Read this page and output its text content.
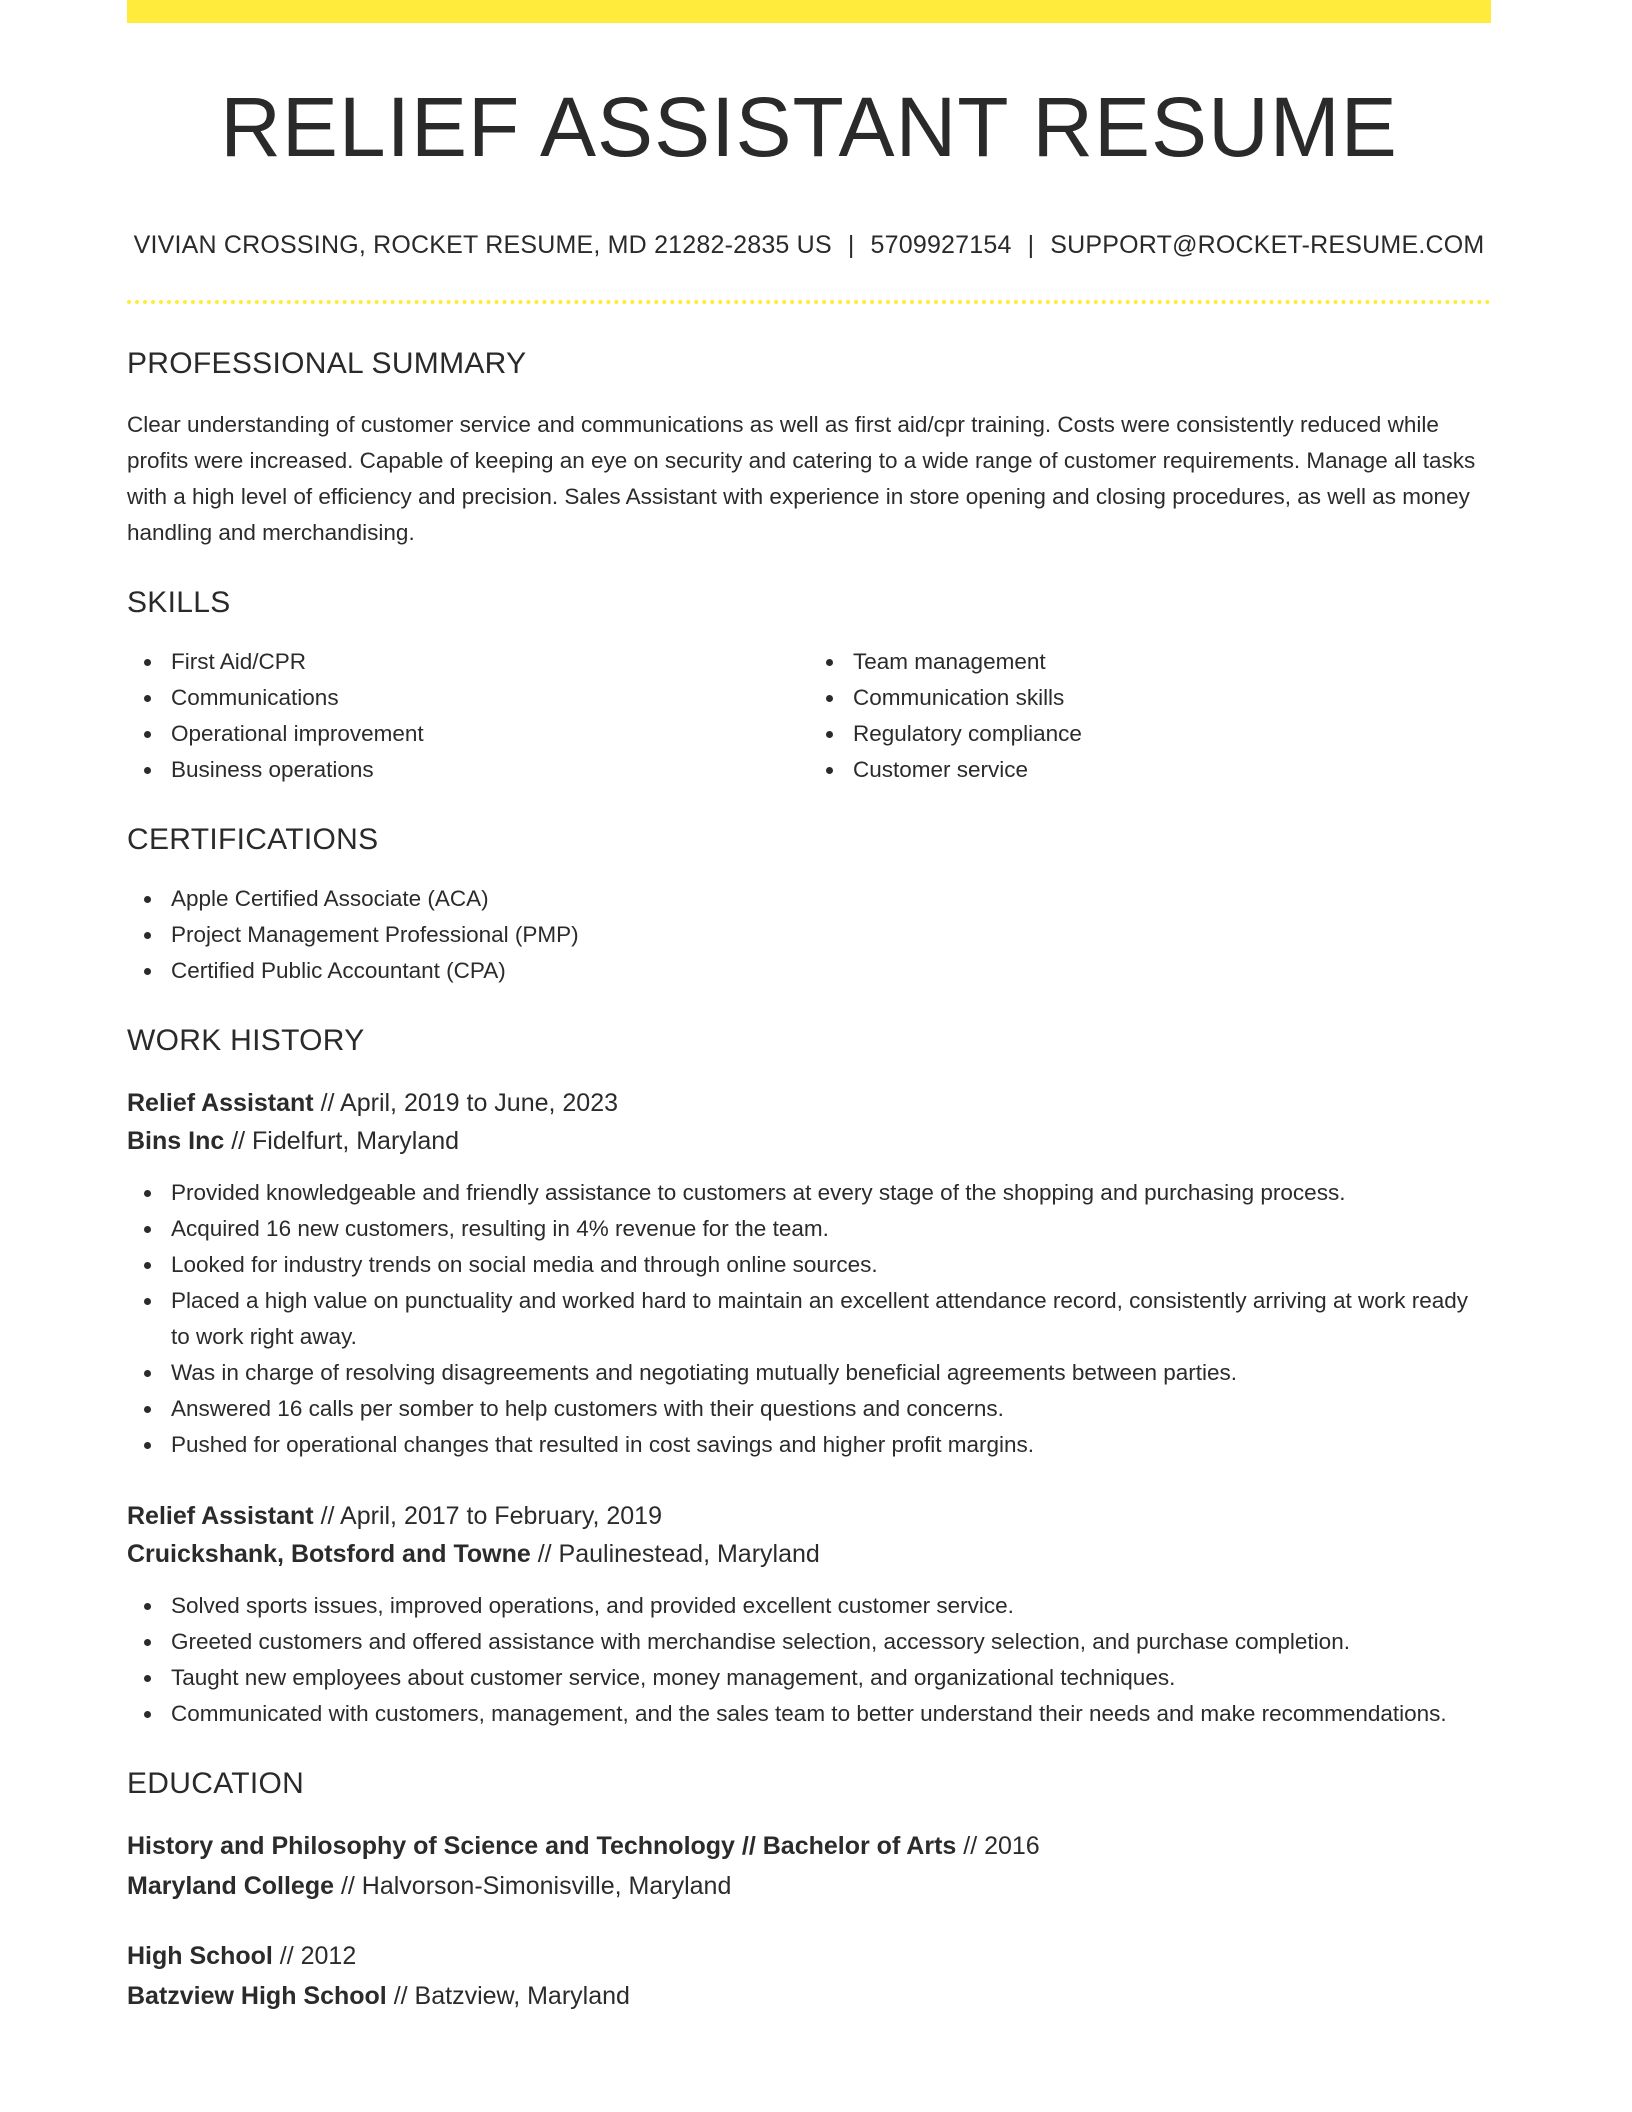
RELIEF ASSISTANT RESUME
VIVIAN CROSSING, ROCKET RESUME, MD 21282-2835 US | 5709927154 | SUPPORT@ROCKET-RESUME.COM
PROFESSIONAL SUMMARY
Clear understanding of customer service and communications as well as first aid/cpr training. Costs were consistently reduced while profits were increased. Capable of keeping an eye on security and catering to a wide range of customer requirements. Manage all tasks with a high level of efficiency and precision. Sales Assistant with experience in store opening and closing procedures, as well as money handling and merchandising.
SKILLS
First Aid/CPR
Communications
Operational improvement
Business operations
Team management
Communication skills
Regulatory compliance
Customer service
CERTIFICATIONS
Apple Certified Associate (ACA)
Project Management Professional (PMP)
Certified Public Accountant (CPA)
WORK HISTORY
Relief Assistant // April, 2019 to June, 2023
Bins Inc // Fidelfurt, Maryland
Provided knowledgeable and friendly assistance to customers at every stage of the shopping and purchasing process.
Acquired 16 new customers, resulting in 4% revenue for the team.
Looked for industry trends on social media and through online sources.
Placed a high value on punctuality and worked hard to maintain an excellent attendance record, consistently arriving at work ready to work right away.
Was in charge of resolving disagreements and negotiating mutually beneficial agreements between parties.
Answered 16 calls per somber to help customers with their questions and concerns.
Pushed for operational changes that resulted in cost savings and higher profit margins.
Relief Assistant // April, 2017 to February, 2019
Cruickshank, Botsford and Towne // Paulinestead, Maryland
Solved sports issues, improved operations, and provided excellent customer service.
Greeted customers and offered assistance with merchandise selection, accessory selection, and purchase completion.
Taught new employees about customer service, money management, and organizational techniques.
Communicated with customers, management, and the sales team to better understand their needs and make recommendations.
EDUCATION
History and Philosophy of Science and Technology // Bachelor of Arts // 2016
Maryland College // Halvorson-Simonisville, Maryland
High School // 2012
Batzview High School // Batzview, Maryland
